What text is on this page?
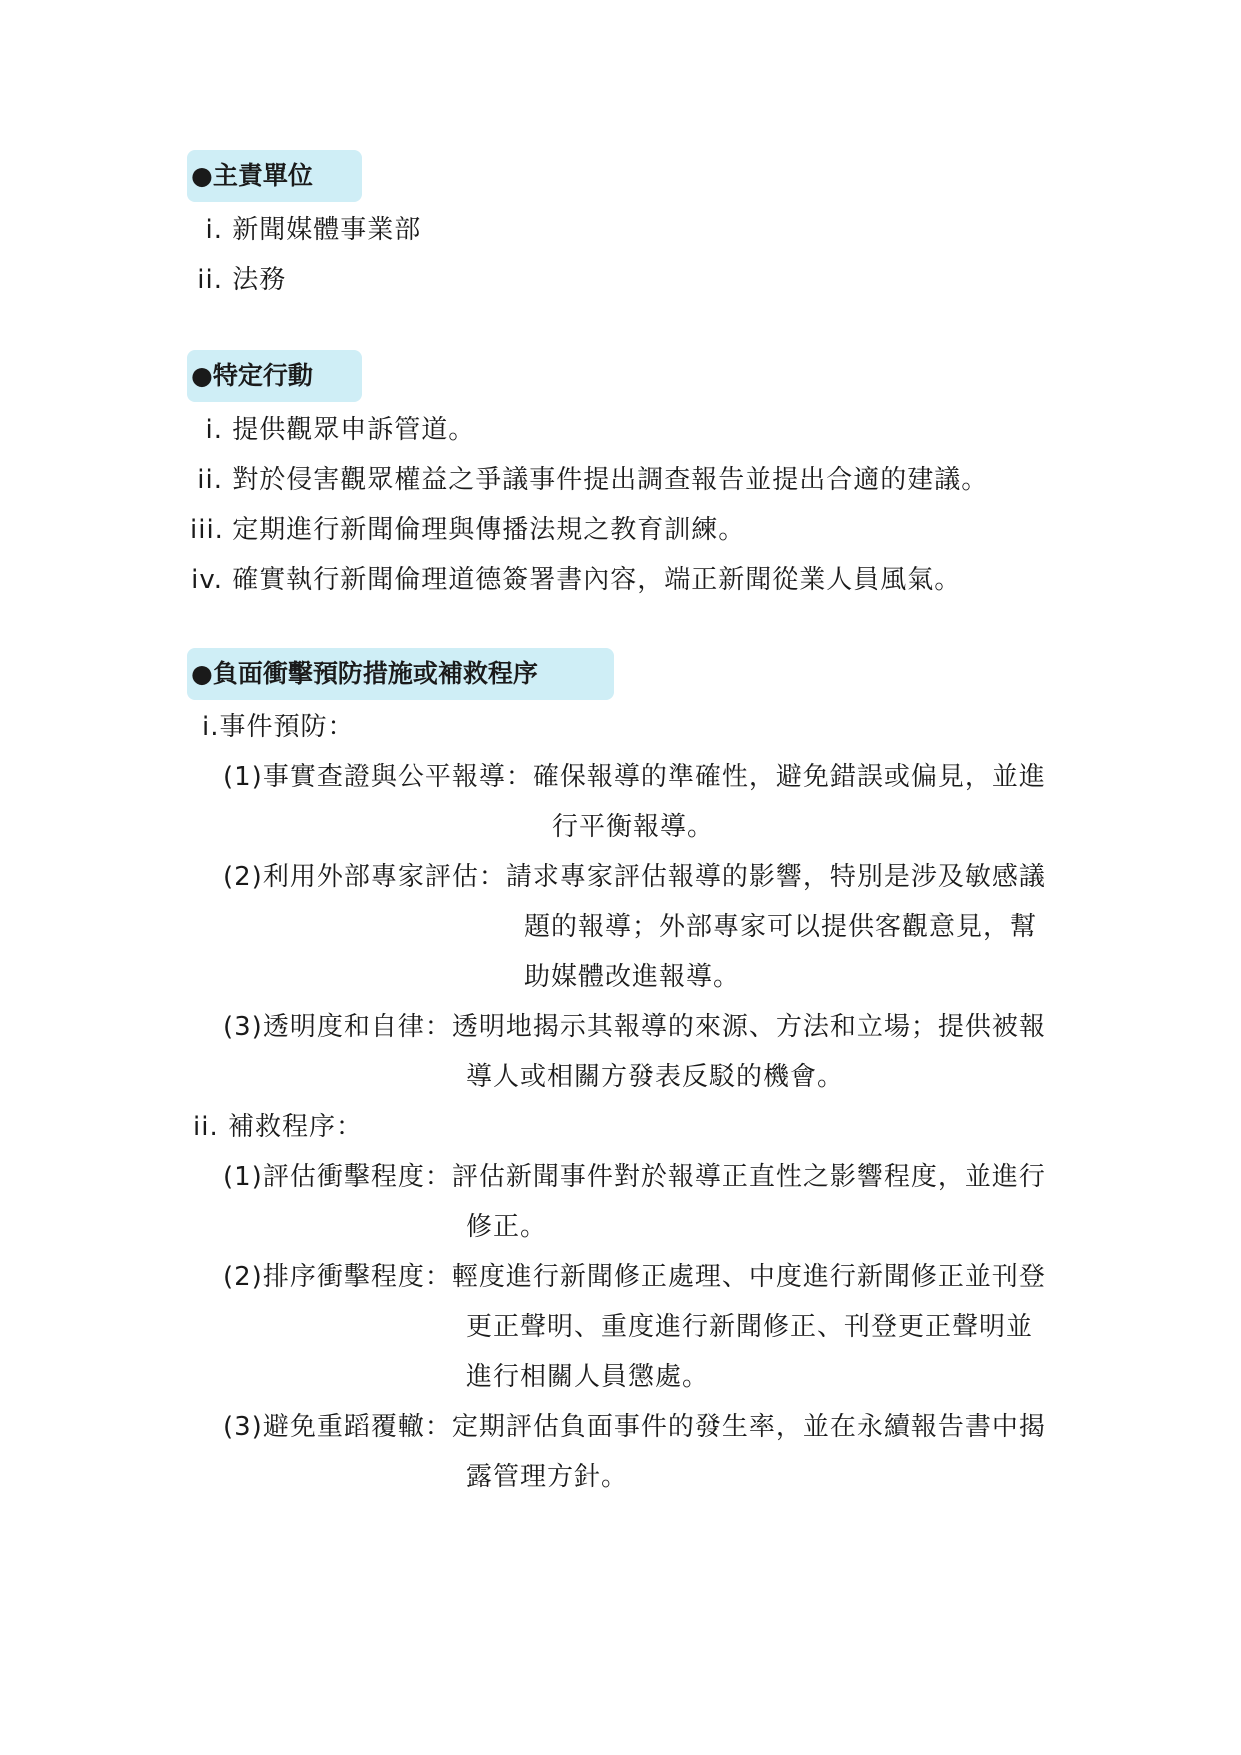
●主責單位
i. 新聞媒體事業部
ii. 法務
●特定行動
i. 提供觀眾申訴管道。
ii. 對於侵害觀眾權益之爭議事件提出調查報告並提出合適的建議。
iii. 定期進行新聞倫理與傳播法規之教育訓練。
iv. 確實執行新聞倫理道德簽署書內容，端正新聞從業人員風氣。
●負面衝擊預防措施或補救程序
i.事件預防：
(1)事實查證與公平報導：確保報導的準確性，避免錯誤或偏見，並進
行平衡報導。
(2)利用外部專家評估：請求專家評估報導的影響，特別是涉及敏感議
題的報導；外部專家可以提供客觀意見，幫
助媒體改進報導。
(3)透明度和自律：透明地揭示其報導的來源、方法和立場；提供被報
導人或相關方發表反駁的機會。
ii. 補救程序：
(1)評估衝擊程度：評估新聞事件對於報導正直性之影響程度，並進行
修正。
(2)排序衝擊程度：輕度進行新聞修正處理、中度進行新聞修正並刊登
更正聲明、重度進行新聞修正、刊登更正聲明並
進行相關人員懲處。
(3)避免重蹈覆轍：定期評估負面事件的發生率，並在永續報告書中揭
露管理方針。
